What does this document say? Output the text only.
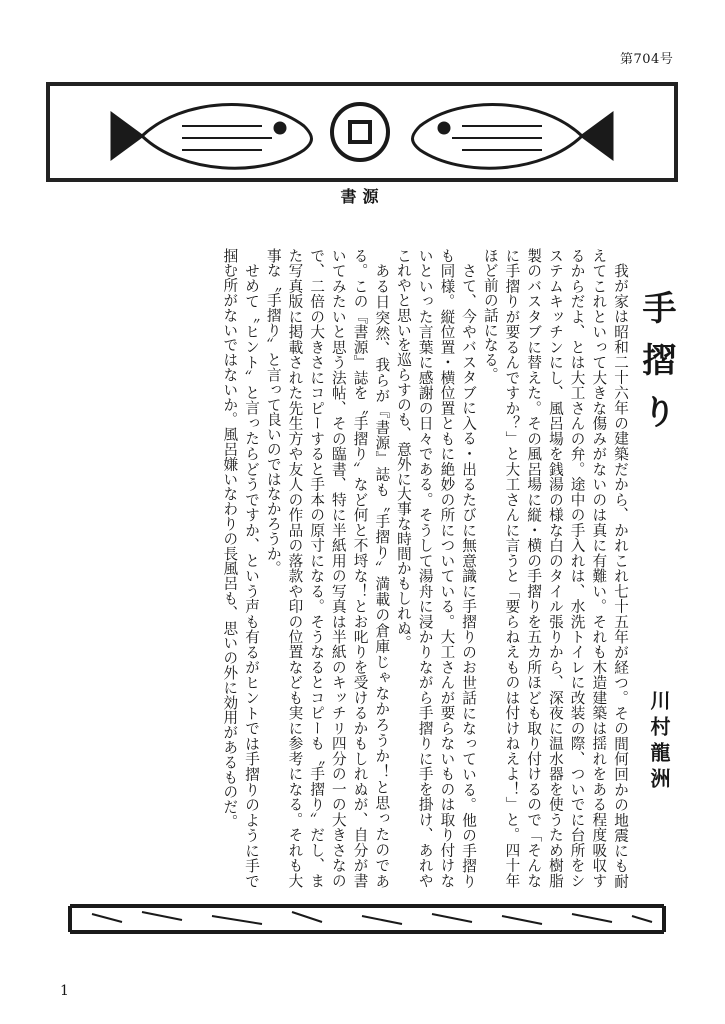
第704号
書源
手摺り
川村龍洲

我が家は昭和二十六年の建築だから、かれこれ七十五年が経つ。その間何回かの地震にも耐えてこれといって大きな傷みがないのは真に有難い。それも木造建築は揺れをある程度吸収するからだよ、とは大工さんの弁。途中の手入れは、水洗トイレに改装の際、ついでに台所をシステムキッチンにし、風呂場を銭湯の様な白のタイル張りから、深夜に温水器を使うため樹脂製のバスタブに替えた。その風呂場に縦・横の手摺りを五カ所ほども取り付けるので「そんなに手摺りが要るんですか？」と大工さんに言うと「要らねえものは付けねえよ！」と。四十年ほど前の話になる。

さて、今やバスタブに入る・出るたびに無意識に手摺りのお世話になっている。他の手摺りも同様。縦位置・横位置ともに絶妙の所についている。大工さんが要らないものは取り付けないといった言葉に感謝の日々である。そうして湯舟に浸かりながら手摺りに手を掛け、あれやこれやと思いを巡らすのも、意外に大事な時間かもしれぬ。

ある日突然、我らが『書源』誌も〝手摺り〟満載の倉庫じゃなかろうか！と思ったのである。この『書源』誌を〝手摺り〟など何と不埒な！とお叱りを受けるかもしれぬが、自分が書いてみたいと思う法帖、その臨書、特に半紙用の写真は半紙のキッチリ四分の一の大きさなので、二倍の大きさにコピーすると手本の原寸になる。そうなるとコピーも〝手摺り〟だし、また写真版に掲載された先生方や友人の作品の落款や印の位置なども実に参考になる。それも大事な〝手摺り〟と言って良いのではなかろうか。

せめて〝ヒント〟と言ったらどうですか、という声も有るがヒントでは手摺りのように手で掴む所がないではないか。風呂嫌いなわりの長風呂も、思いの外に効用があるものだ。

1
